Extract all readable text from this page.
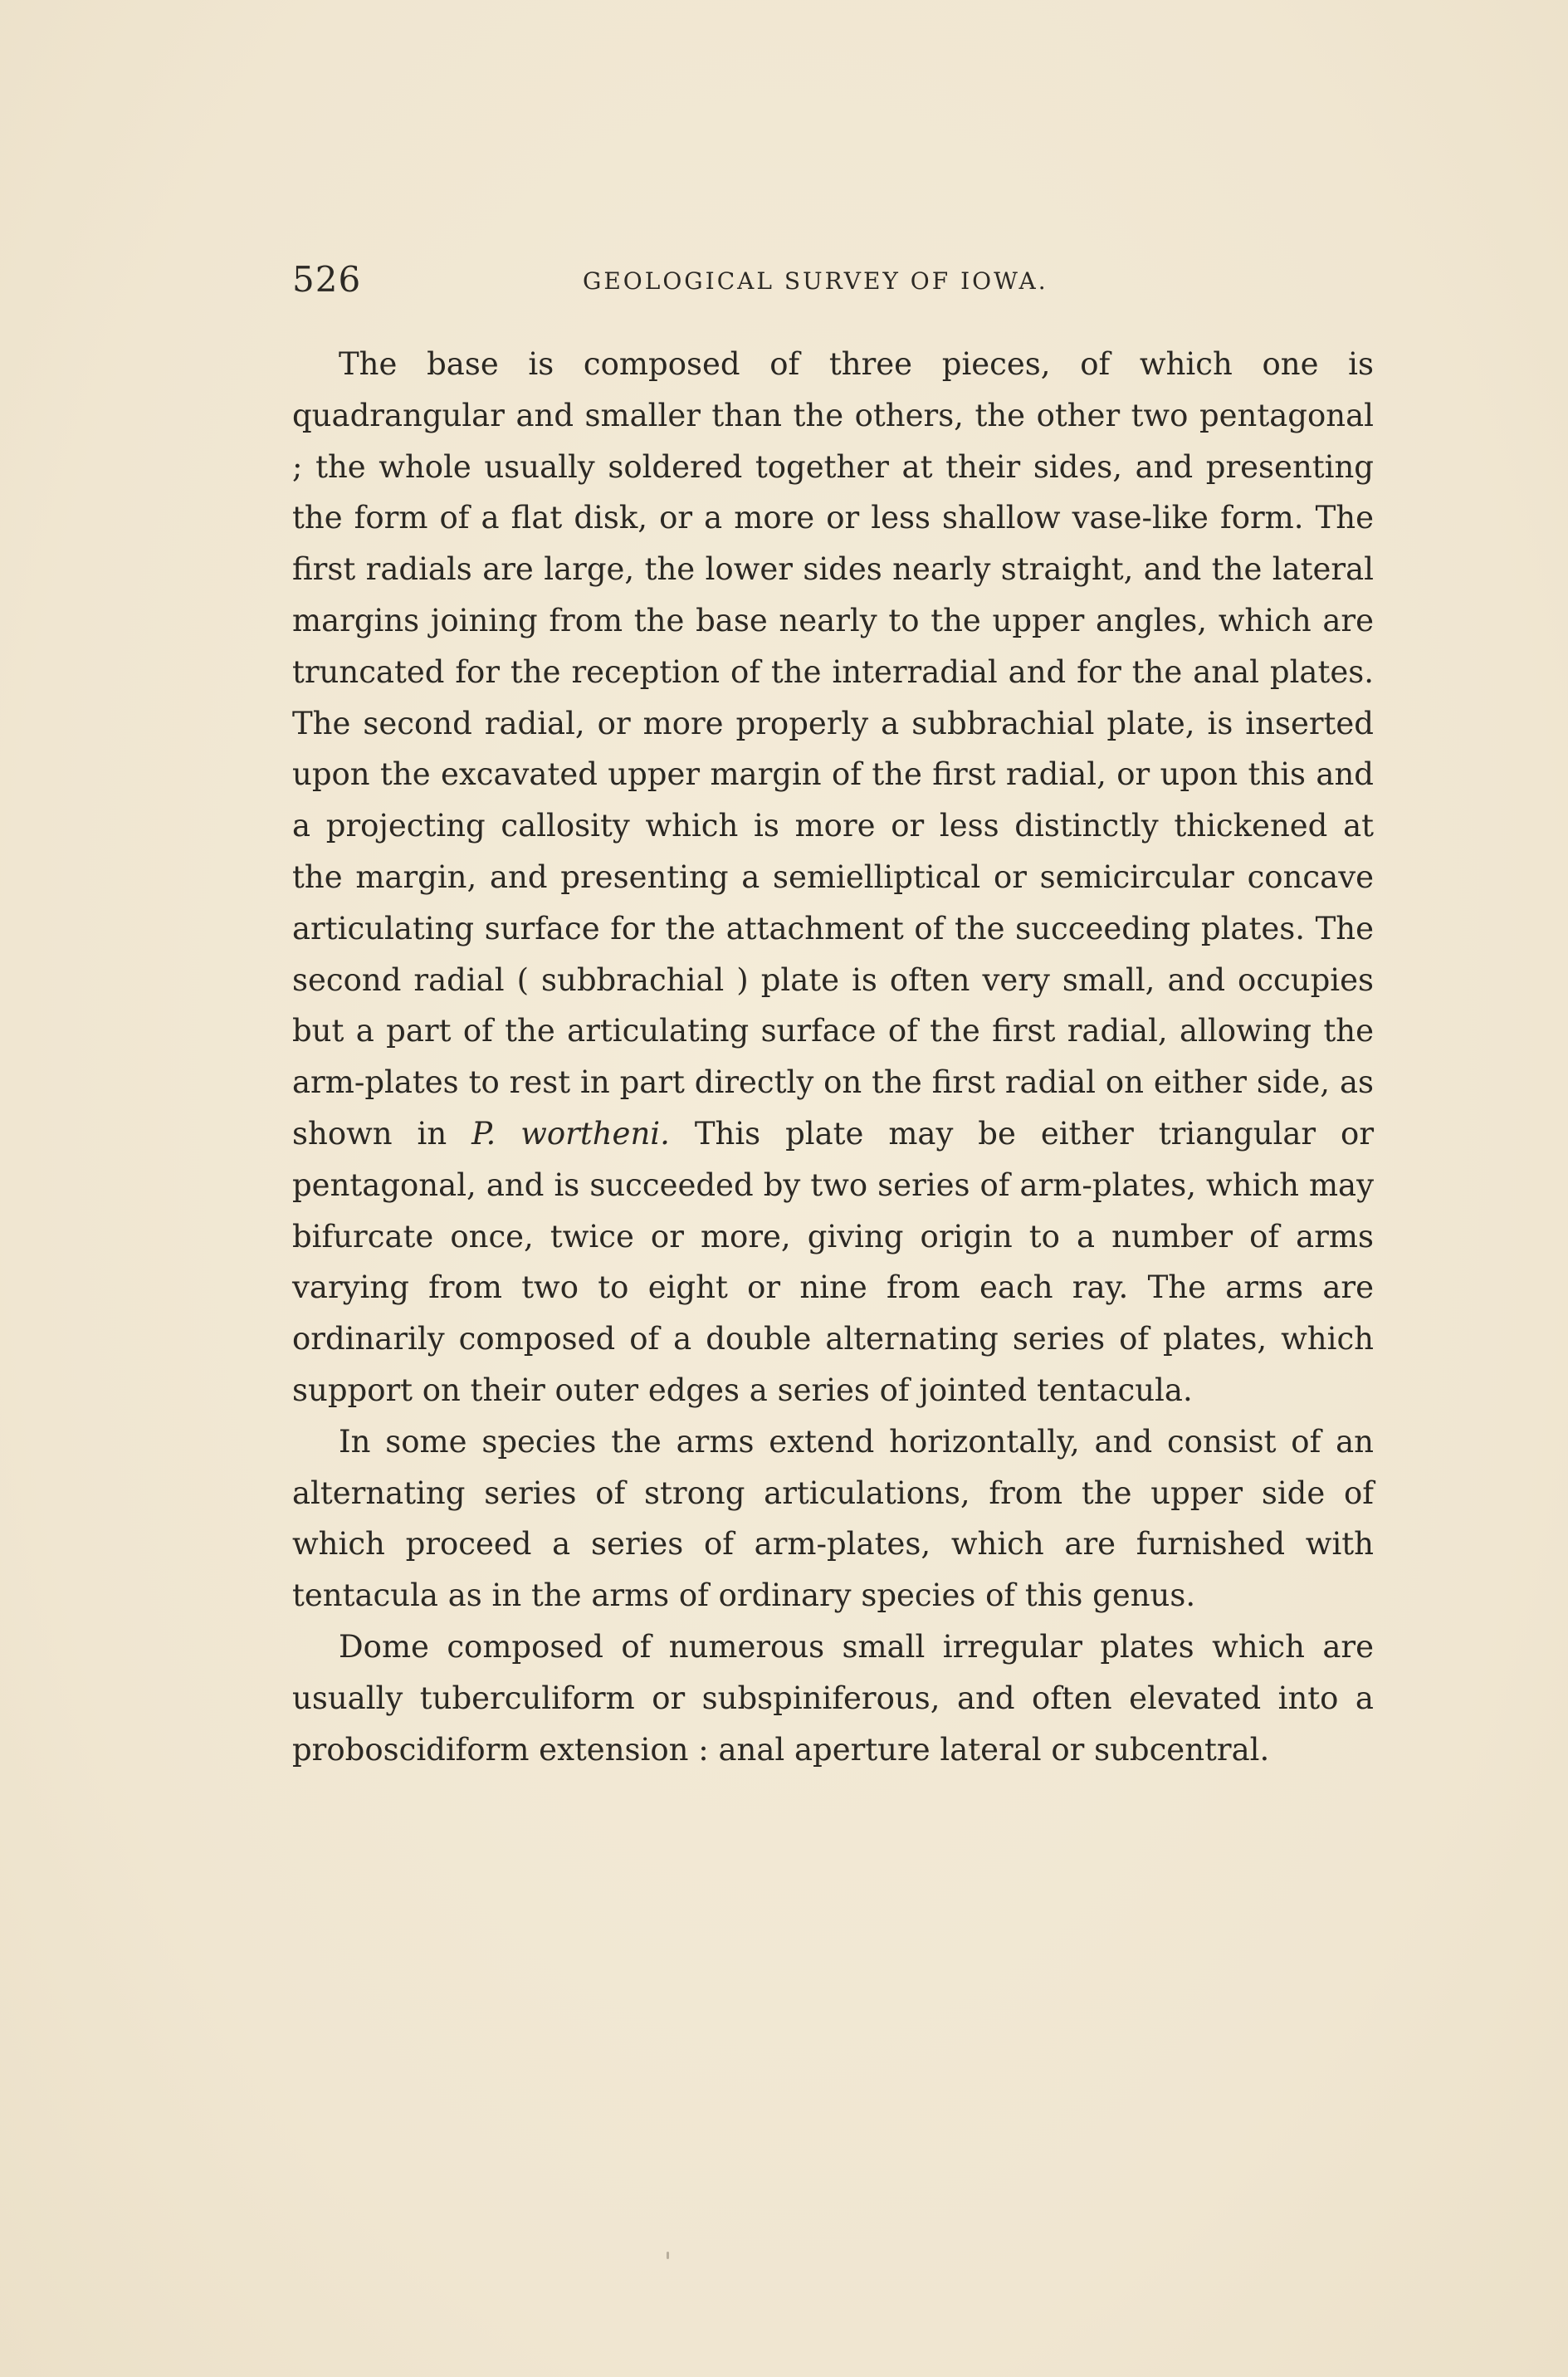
526	GEOLOGICAL SURVEY OF IOWA.

The base is composed of three pieces, of which one is quadrangular and smaller than the others, the other two pentagonal ; the whole usually soldered together at their sides, and presenting the form of a flat disk, or a more or less shallow vase-like form. The first radials are large, the lower sides nearly straight, and the lateral margins joining from the base nearly to the upper angles, which are truncated for the reception of the interradial and for the anal plates. The second radial, or more properly a subbrachial plate, is inserted upon the excavated upper margin of the first radial, or upon this and a projecting callosity which is more or less distinctly thickened at the margin, and presenting a semielliptical or semicircular concave articulating surface for the attachment of the succeeding plates. The second radial ( subbrachial ) plate is often very small, and occupies but a part of the articulating surface of the first radial, allowing the arm-plates to rest in part directly on the first radial on either side, as shown in P. wortheni. This plate may be either triangular or pentagonal, and is succeeded by two series of arm-plates, which may bifurcate once, twice or more, giving origin to a number of arms varying from two to eight or nine from each ray. The arms are ordinarily composed of a double alternating series of plates, which support on their outer edges a series of jointed tentacula.

In some species the arms extend horizontally, and consist of an alternating series of strong articulations, from the upper side of which proceed a series of arm-plates, which are furnished with tentacula as in the arms of ordinary species of this genus.

Dome composed of numerous small irregular plates which are usually tuberculiform or subspiniferous, and often elevated into a proboscidiform extension : anal aperture lateral or subcentral.
